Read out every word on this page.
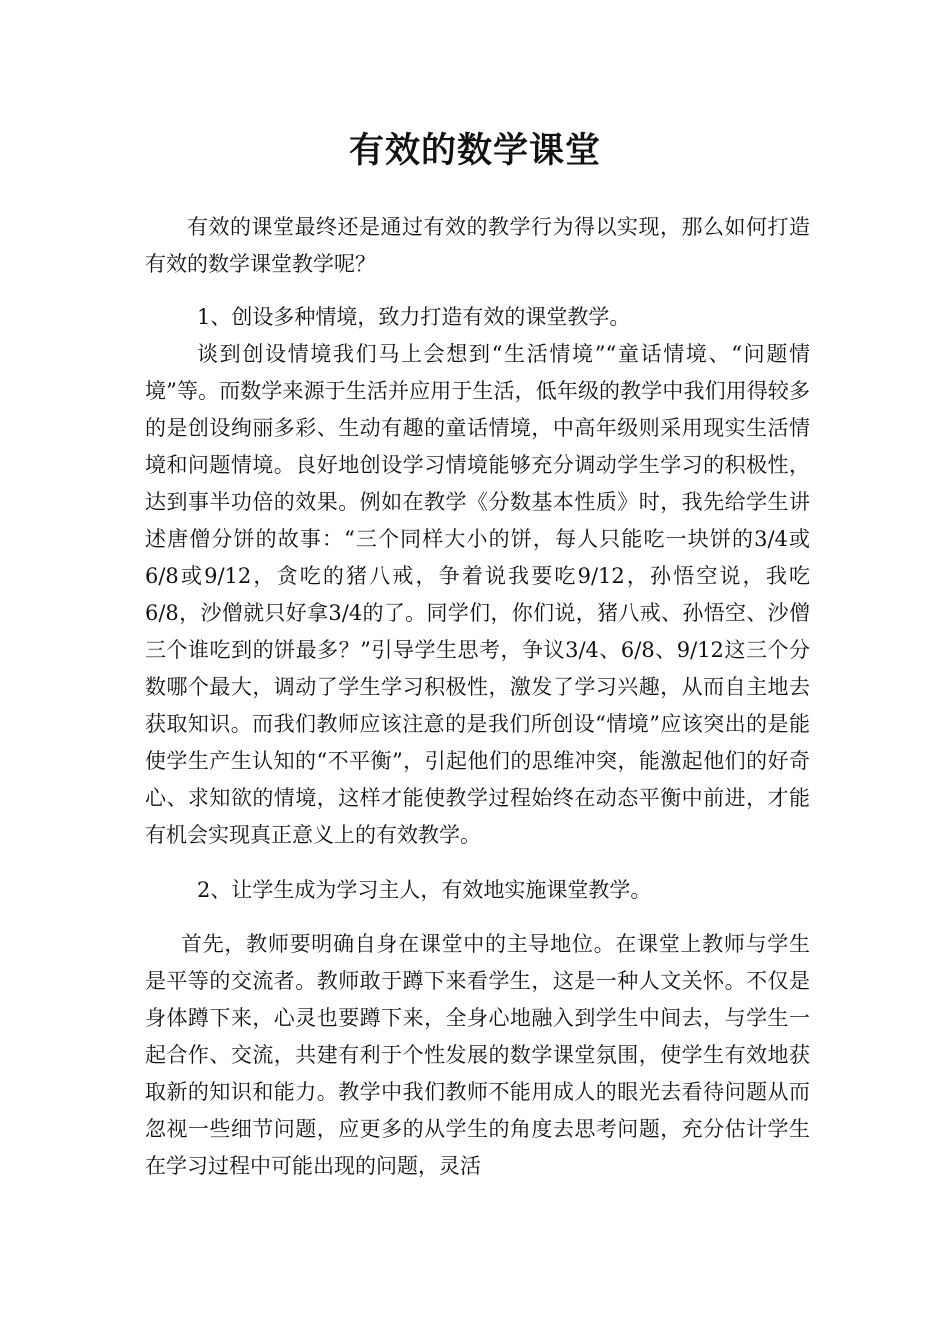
有效的数学课堂

有效的课堂最终还是通过有效的教学行为得以实现，那么如何打造有效的数学课堂教学呢？

1、创设多种情境，致力打造有效的课堂教学。

谈到创设情境我们马上会想到“生活情境”“童话情境、“问题情境”等。而数学来源于生活并应用于生活，低年级的教学中我们用得较多的是创设绚丽多彩、生动有趣的童话情境，中高年级则采用现实生活情境和问题情境。良好地创设学习情境能够充分调动学生学习的积极性，达到事半功倍的效果。例如在教学《分数基本性质》时，我先给学生讲述唐僧分饼的故事：“三个同样大小的饼，每人只能吃一块饼的3/4或6/8或9/12，贪吃的猪八戒，争着说我要吃9/12，孙悟空说，我吃6/8，沙僧就只好拿3/4的了。同学们，你们说，猪八戒、孙悟空、沙僧三个谁吃到的饼最多？”引导学生思考，争议3/4、6/8、9/12这三个分数哪个最大，调动了学生学习积极性，激发了学习兴趣，从而自主地去获取知识。而我们教师应该注意的是我们所创设“情境”应该突出的是能使学生产生认知的“不平衡”，引起他们的思维冲突，能激起他们的好奇心、求知欲的情境，这样才能使教学过程始终在动态平衡中前进，才能有机会实现真正意义上的有效教学。

2、让学生成为学习主人，有效地实施课堂教学。

首先，教师要明确自身在课堂中的主导地位。在课堂上教师与学生是平等的交流者。教师敢于蹲下来看学生，这是一种人文关怀。不仅是身体蹲下来，心灵也要蹲下来，全身心地融入到学生中间去，与学生一起合作、交流，共建有利于个性发展的数学课堂氛围，使学生有效地获取新的知识和能力。教学中我们教师不能用成人的眼光去看待问题从而忽视一些细节问题，应更多的从学生的角度去思考问题，充分估计学生在学习过程中可能出现的问题，灵活
